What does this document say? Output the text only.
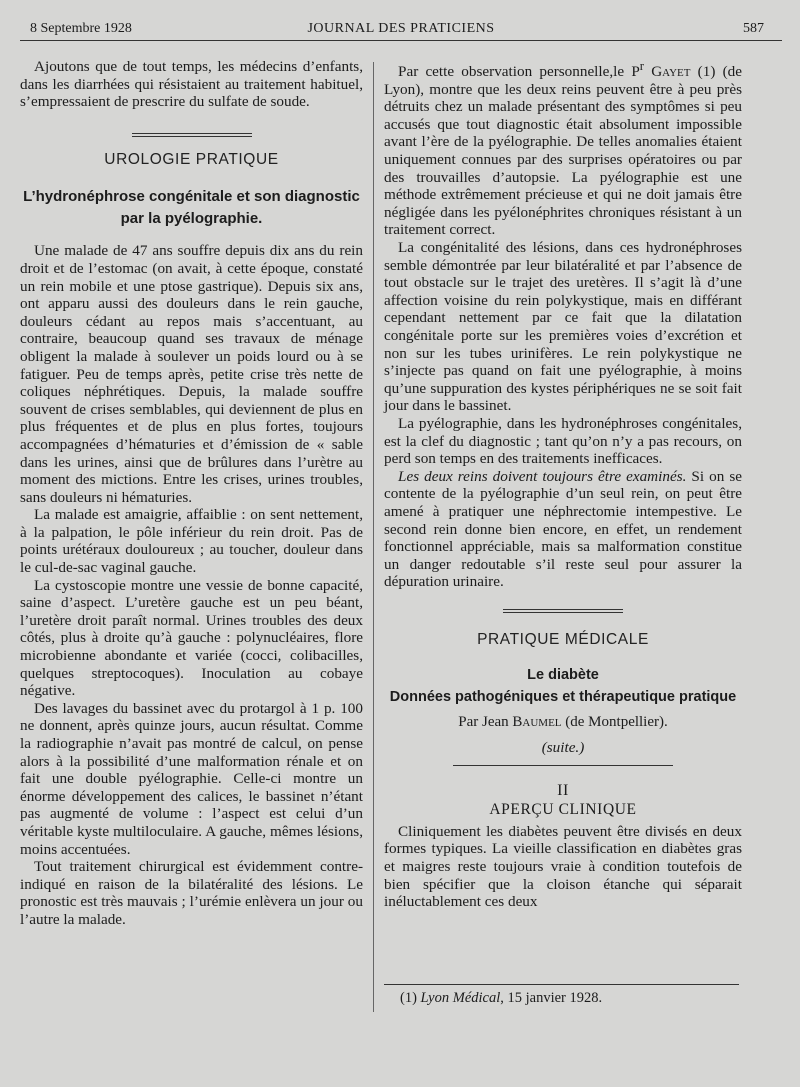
8 Septembre 1928	JOURNAL DES PRATICIENS	587

Ajoutons que de tout temps, les médecins d’enfants, dans les diarrhées qui résistaient au traitement habituel, s’empressaient de prescrire du sulfate de soude.

UROLOGIE PRATIQUE
L’hydronéphrose congénitale et son diagnostic
par la pyélographie.

Une malade de 47 ans souffre depuis dix ans du rein droit et de l’estomac (on avait, à cette époque, constaté un rein mobile et une ptose gastrique). Depuis six ans, ont apparu aussi des douleurs dans le rein gauche, douleurs cédant au repos mais s’accentuant, au contraire, beaucoup quand ses travaux de ménage obligent la malade à soulever un poids lourd ou à se fatiguer. Peu de temps après, petite crise très nette de coliques néphrétiques. Depuis, la malade souffre souvent de crises semblables, qui deviennent de plus en plus fréquentes et de plus en plus fortes, toujours accompagnées d’hématuries et d’émission de « sable dans les urines, ainsi que de brûlures dans l’urètre au moment des mictions. Entre les crises, urines troubles, sans douleurs ni hématuries.

La malade est amaigrie, affaiblie : on sent nettement, à la palpation, le pôle inférieur du rein droit. Pas de points urétéraux douloureux ; au toucher, douleur dans le cul-de-sac vaginal gauche.

La cystoscopie montre une vessie de bonne capacité, saine d’aspect. L’uretère gauche est un peu béant, l’uretère droit paraît normal. Urines troubles des deux côtés, plus à droite qu’à gauche : polynucléaires, flore microbienne abondante et variée (cocci, colibacilles, quelques streptocoques). Inoculation au cobaye négative.

Des lavages du bassinet avec du protargol à 1 p. 100 ne donnent, après quinze jours, aucun résultat. Comme la radiographie n’avait pas montré de calcul, on pense alors à la possibilité d’une malformation rénale et on fait une double pyélographie. Celle-ci montre un énorme développement des calices, le bassinet n’étant pas augmenté de volume : l’aspect est celui d’un véritable kyste multiloculaire. A gauche, mêmes lésions, moins accentuées.

Tout traitement chirurgical est évidemment contre-indiqué en raison de la bilatéralité des lésions. Le pronostic est très mauvais ; l’urémie enlèvera un jour ou l’autre la malade.

Par cette observation personnelle,le $P^r$ Gayet (1) (de Lyon), montre que les deux reins peuvent être à peu près détruits chez un malade présentant des symptômes si peu accusés que tout diagnostic était absolument impossible avant l’ère de la pyélographie. De telles anomalies étaient uniquement connues par des surprises opératoires ou par des trouvailles d’autopsie. La pyélographie est une méthode extrêmement précieuse et qui ne doit jamais être négligée dans les pyélonéphrites chroniques résistant à un traitement correct.

La congénitalité des lésions, dans ces hydronéphroses semble démontrée par leur bilatéralité et par l’absence de tout obstacle sur le trajet des uretères. Il s’agit là d’une affection voisine du rein polykystique, mais en différant cependant nettement par ce fait que la dilatation congénitale porte sur les premières voies d’excrétion et non sur les tubes urinifères. Le rein polykystique ne s’injecte pas quand on fait une pyélographie, à moins qu’une suppuration des kystes périphériques ne se soit fait jour dans le bassinet.

La pyélographie, dans les hydronéphroses congénitales, est la clef du diagnostic ; tant qu’on n’y a pas recours, on perd son temps en des traitements inefficaces.

Les deux reins doivent toujours être examinés. Si on se contente de la pyélographie d’un seul rein, on peut être amené à pratiquer une néphrectomie intempestive. Le second rein donne bien encore, en effet, un rendement fonctionnel appréciable, mais sa malformation constitue un danger redoutable s’il reste seul pour assurer la dépuration urinaire.

PRATIQUE MÉDICALE
Le diabète
Données pathogéniques et thérapeutique pratique
Par Jean Baumel (de Montpellier).
(suite.)
II
APERÇU CLINIQUE

Cliniquement les diabètes peuvent être divisés en deux formes typiques. La vieille classification en diabètes gras et maigres reste toujours vraie à condition toutefois de bien spécifier que la cloison étanche qui séparait inéluctablement ces deux

(1) Lyon Médical, 15 janvier 1928.
